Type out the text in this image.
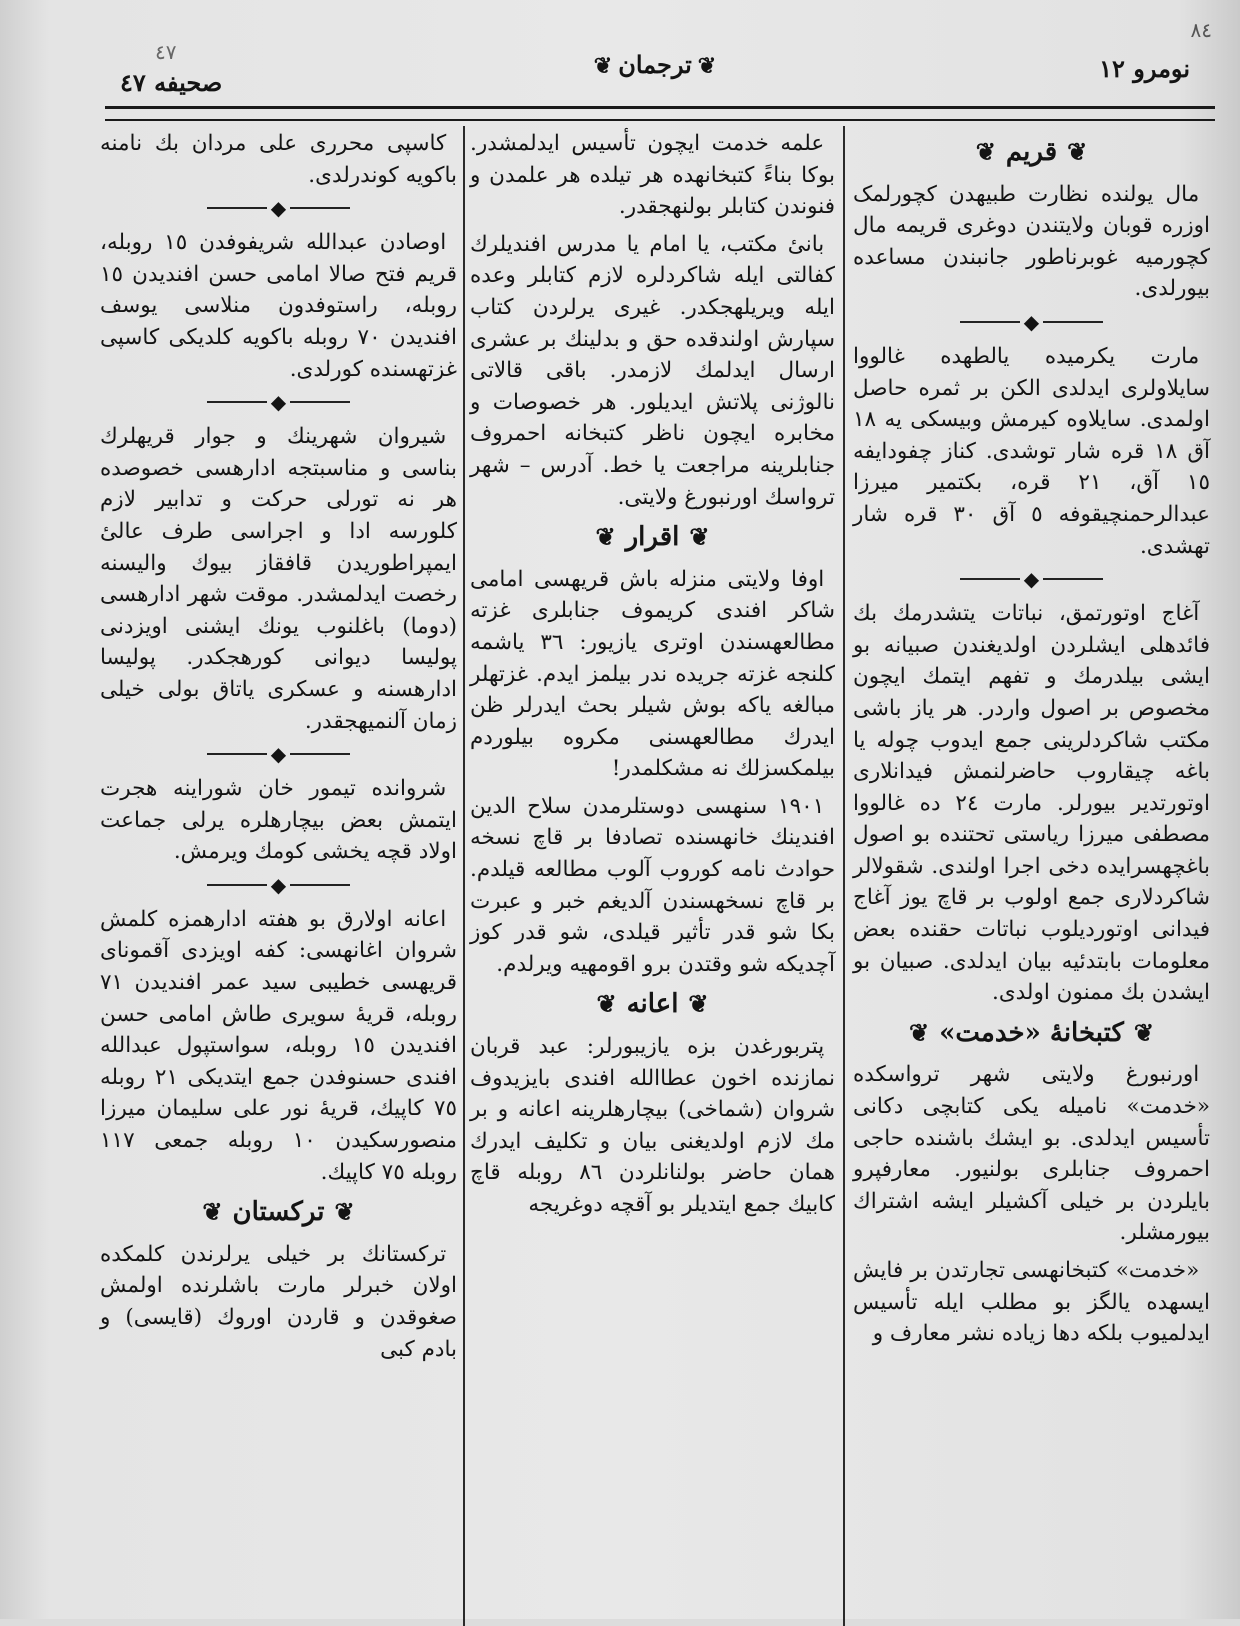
٨٤
٤٧
نومرو ۱۲
❦ ترجمان ❦
صحیفه ٤٧
❦قریم❦

مال یولنده نظارت طبیهدن کچورلمک اوزره قوبان ولایتندن دوغری قریمه مال کچورمیه غوبرناطور جانبندن مساعده بیورلدی.

◆

مارت یکرمیده یالطهده غالووا سایلاولری ایدلدی الکن بر ثمره حاصل اولمدی. سایلاوه کیرمش وبیسکی یه ١٨ آق ١٨ قره شار توشدی. کناز چفودایفه ١٥ آق، ٢١ قره، بکتمیر میرزا عبدالرحمنچیقوفه ٥ آق ٣٠ قره شار تهشدی.

◆

آغاج اوتورتمق، نباتات یتشدرمك بك فائدهلی ایشلردن اولدیغندن صبیانه بو ایشی بیلدرمك و تفهم ایتمك ایچون مخصوص بر اصول واردر. هر یاز باشی مکتب شاکردلرینی جمع ایدوب چوله یا باغه چیقاروب حاضرلنمش فیدانلاری اوتورتدیر بیورلر. مارت ٢٤ ده غالووا مصطفی میرزا ریاستی تحتنده بو اصول باغچهسرایده دخی اجرا اولندی. شقولالر شاکردلاری جمع اولوب بر قاچ یوز آغاج فیدانی اوتوردیلوب نباتات حقنده بعض معلومات بابتدئیه بیان ایدلدی. صبیان بو ایشدن بك ممنون اولدی.

❦کتبخانهٔ «خدمت»❦

اورنبورغ ولایتی شهر ترواسکده «خدمت» نامیله یکی کتابچی دکانی تأسیس ایدلدی. بو ایشك باشنده حاجی احمروف جنابلری بولنیور. معارفپرو بایلردن بر خیلی آکشیلر ایشه اشتراك بیورمشلر.

«خدمت» کتبخانهسی تجارتدن بر فایش ایسهده یالگز بو مطلب ایله تأسیس ایدلمیوب بلکه دها زیاده نشر معارف و

علمه خدمت ایچون تأسیس ایدلمشدر. بوکا بناءً کتبخانهده هر تیلده هر علمدن و فنوندن کتابلر بولنهجقدر.

بانیٔ مکتب، یا امام یا مدرس افندیلرك کفالتی ایله شاکردلره لازم کتابلر وعده ایله ویریلهجکدر. غیری یرلردن کتاب سپارش اولندقده حق و بدلینك بر عشری ارسال ایدلمك لازمدر. باقی قالاتی نالوژنی پلاتش ایدیلور. هر خصوصات و مخابره ایچون ناظر کتبخانه احمروف جنابلرینه مراجعت یا خط. آدرس – شهر ترواسك اورنبورغ ولایتی.

❦اقرار❦

اوفا ولایتی منزله باش قریهسی امامی شاکر افندی کریموف جنابلری غزته مطالعهسندن اوتری یازیور: ٣٦ یاشمه کلنجه غزته جریده ندر بیلمز ایدم. غزتهلر مبالغه یاکه بوش شیلر بحث ایدرلر ظن ایدرك مطالعهسنی مکروه بیلوردم بیلمکسزلك نه مشکلمدر!

١٩٠١ سنهسی دوستلرمدن سلاح الدین افندینك خانهسنده تصادفا بر قاچ نسخه حوادث نامه کوروب آلوب مطالعه قیلدم. بر قاچ نسخهسندن آلدیغم خبر و عبرت بکا شو قدر تأثیر قیلدی، شو قدر کوز آچدیکه شو وقتدن برو اقومهیه ویرلدم.

❦اعانه❦

پتربورغدن بزه یازیبورلر: عبد قربان نمازنده اخون عطاالله افندی بایزیدوف شروان (شماخی) بیچارهلرینه اعانه و بر مك لازم اولدیغنی بیان و تکلیف ایدرك همان حاضر بولنانلردن ٨٦ روبله قاچ کابیك جمع ایتدیلر بو آقچه دوغریجه

کاسپی محرری علی مردان بك نامنه باکویه کوندرلدی.

◆

اوصادن عبدالله شریفوفدن ١٥ روبله، قریم فتح صالا امامی حسن افندیدن ١٥ روبله، راستوفدون منلاسی یوسف افندیدن ٧٠ روبله باکویه کلدیکی کاسپی غزتهسنده کورلدی.

◆

شیروان شهرینك و جوار قریهلرك بناسی و مناسبتجه ادارهسی خصوصده هر نه تورلی حرکت و تدابیر لازم کلورسه ادا و اجراسی طرف عالیٔ ایمپراطوریدن قافقاز بیوك والیسنه رخصت ایدلمشدر. موقت شهر ادارهسی (دوما) باغلنوب یونك ایشنی اویزدنی پولیسا دیوانی کورهجکدر. پولیسا ادارهسنه و عسکری یاتاق بولی خیلی زمان آلنمیهجقدر.

◆

شروانده تیمور خان شوراینه هجرت ایتمش بعض بیچارهلره یرلی جماعت اولاد قچه یخشی کومك ویرمش.

◆

اعانه اولارق بو هفته ادارهمزه کلمش شروان اغانهسی: کفه اویزدی آقمونای قریهسی خطیبی سید عمر افندیدن ٧١ روبله، قریهٔ سویری طاش امامی حسن افندیدن ١٥ روبله، سواستپول عبدالله افندی حسنوفدن جمع ایتدیکی ٢١ روبله ٧٥ کاپیك، قریهٔ نور علی سلیمان میرزا منصورسکیدن ١٠ روبله جمعی ١١٧ روبله ٧٥ کاپیك.

❦ترکستان❦

ترکستانك بر خیلی یرلرندن کلمکده اولان خبرلر مارت باشلرنده اولمش صغوقدن و قاردن اوروك (قایسی) و بادم کبی
